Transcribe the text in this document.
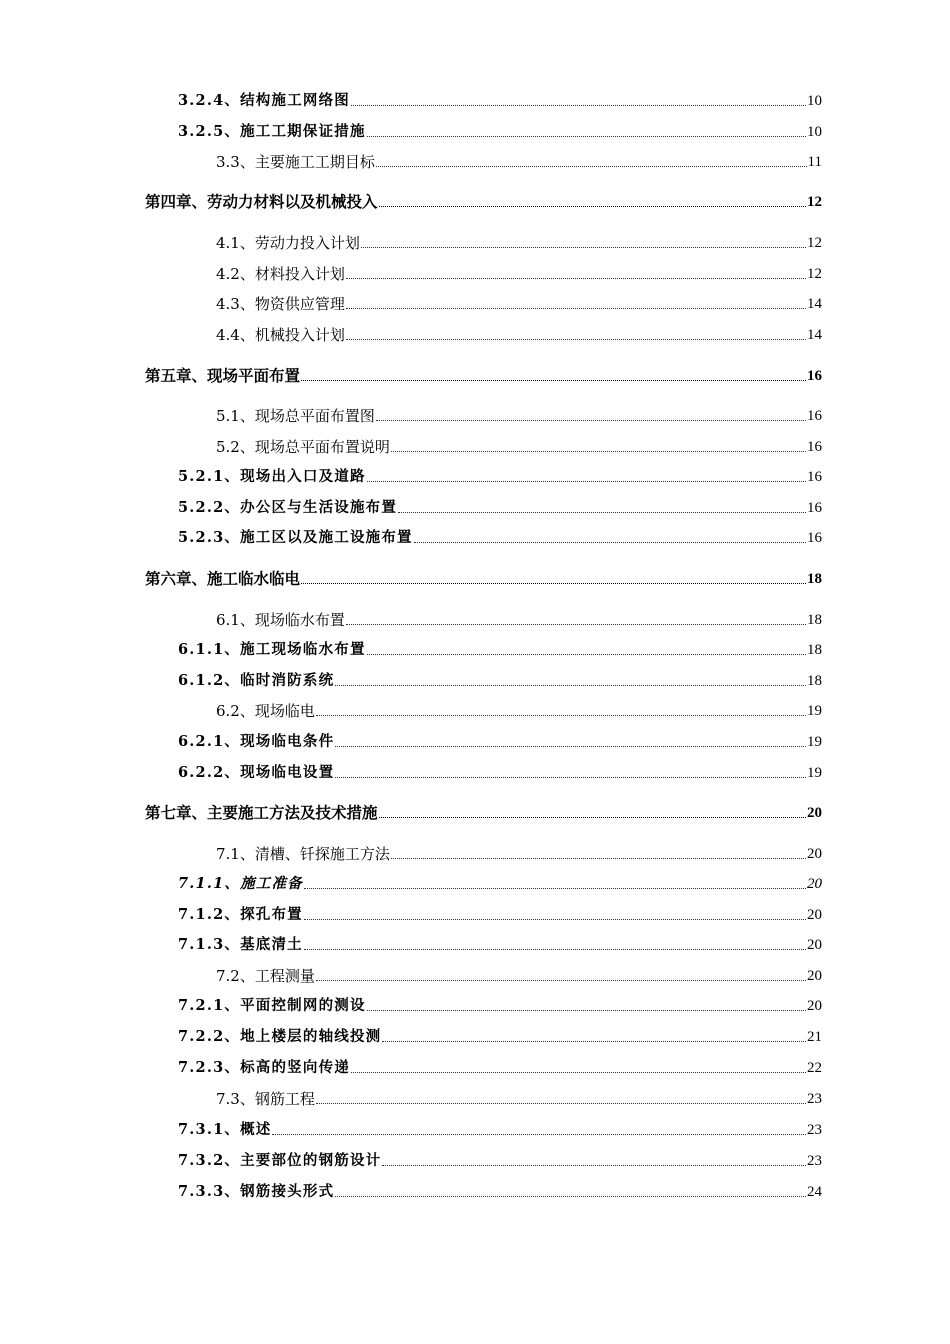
3.2.4、结构施工网络图	10
3.2.5、施工工期保证措施	10
3.3、主要施工工期目标	11
第四章、劳动力材料以及机械投入	12
4.1、劳动力投入计划	12
4.2、材料投入计划	12
4.3、物资供应管理	14
4.4、机械投入计划	14
第五章、现场平面布置	16
5.1、现场总平面布置图	16
5.2、现场总平面布置说明	16
5.2.1、现场出入口及道路	16
5.2.2、办公区与生活设施布置	16
5.2.3、施工区以及施工设施布置	16
第六章、施工临水临电	18
6.1、现场临水布置	18
6.1.1、施工现场临水布置	18
6.1.2、临时消防系统	18
6.2、现场临电	19
6.2.1、现场临电条件	19
6.2.2、现场临电设置	19
第七章、主要施工方法及技术措施	20
7.1、清槽、钎探施工方法	20
7.1.1、施工准备	20
7.1.2、探孔布置	20
7.1.3、基底清土	20
7.2、工程测量	20
7.2.1、平面控制网的测设	20
7.2.2、地上楼层的轴线投测	21
7.2.3、标高的竖向传递	22
7.3、钢筋工程	23
7.3.1、概述	23
7.3.2、主要部位的钢筋设计	23
7.3.3、钢筋接头形式	24
